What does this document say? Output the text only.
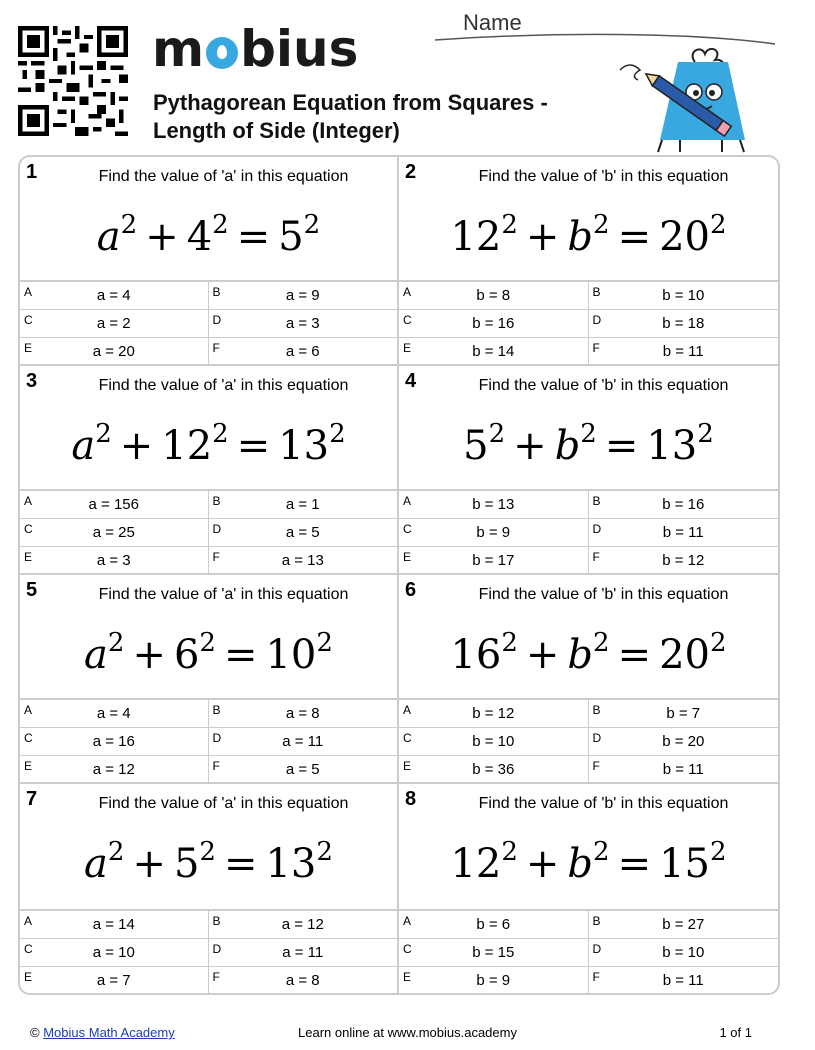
m bius
Pythagorean Equation from Squares -
Length of Side (Integer)
Name
1	Find the value of 'a' in this equation
$a^2 + 4^2 = 5^2$
A	a = 4	B	a = 9
C	a = 2	D	a = 3
E	a = 20	F	a = 6
2	Find the value of 'b' in this equation
$12^2 + b^2 = 20^2$
A	b = 8	B	b = 10
C	b = 16	D	b = 18
E	b = 14	F	b = 11
3	Find the value of 'a' in this equation
$a^2 + 12^2 = 13^2$
A	a = 156	B	a = 1
C	a = 25	D	a = 5
E	a = 3	F	a = 13
4	Find the value of 'b' in this equation
$5^2 + b^2 = 13^2$
A	b = 13	B	b = 16
C	b = 9	D	b = 11
E	b = 17	F	b = 12
5	Find the value of 'a' in this equation
$a^2 + 6^2 = 10^2$
A	a = 4	B	a = 8
C	a = 16	D	a = 11
E	a = 12	F	a = 5
6	Find the value of 'b' in this equation
$16^2 + b^2 = 20^2$
A	b = 12	B	b = 7
C	b = 10	D	b = 20
E	b = 36	F	b = 11
7	Find the value of 'a' in this equation
$a^2 + 5^2 = 13^2$
A	a = 14	B	a = 12
C	a = 10	D	a = 11
E	a = 7	F	a = 8
8	Find the value of 'b' in this equation
$12^2 + b^2 = 15^2$
A	b = 6	B	b = 27
C	b = 15	D	b = 10
E	b = 9	F	b = 11
© Mobius Math Academy	Learn online at www.mobius.academy	1 of 1
